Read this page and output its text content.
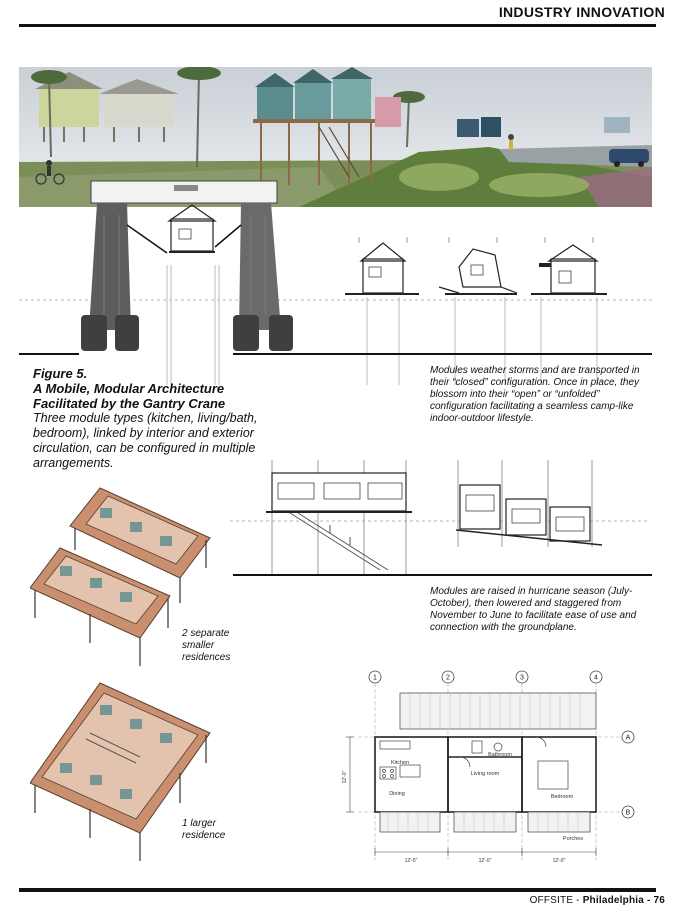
INDUSTRY INNOVATION
Figure 5.
A Mobile, Modular Architecture
Facilitated by the Gantry Crane
Three module types (kitchen, living/bath, bedroom), linked by interior and exterior circulation, can be configured in multiple arrangements.
Modules weather storms and are transported in their “closed” configuration. Once in place, they blossom into their “open” or “unfolded” configuration facilitating a seamless camp-like indoor-outdoor lifestyle.
Modules are raised in hurricane season (July-October), then lowered and staggered from November to June to facilitate ease of use and connection with the groundplane.
2 separate smaller residences
1 larger residence
1	2	3	4
A
B
Kitchen
Bathroom
Dining
Living room
Bedroom
Porches
12'-0"	12'-0"	12'-0"
12'-0"
OFFSITE - Philadelphia - 76
